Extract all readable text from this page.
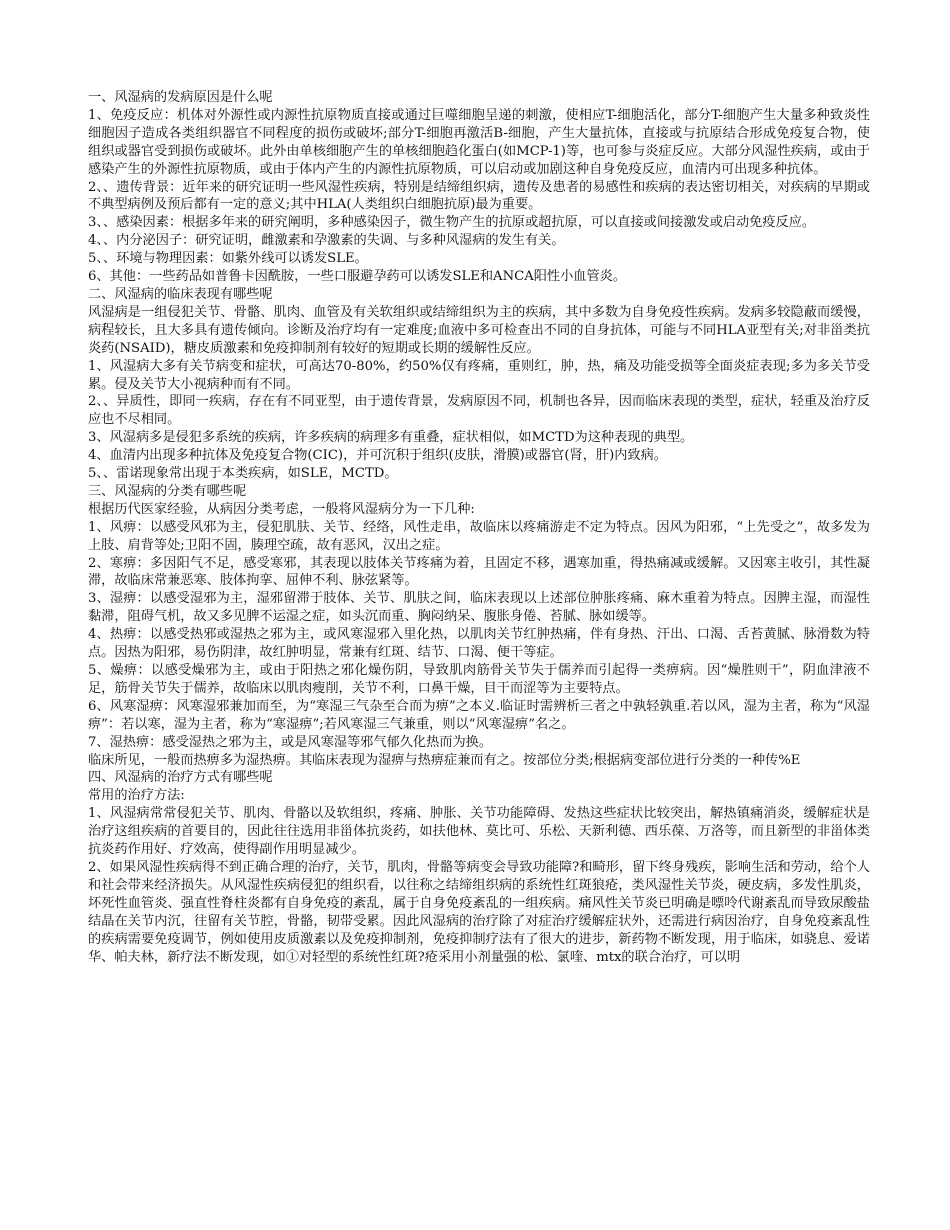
一、风湿病的发病原因是什么呢

1、免疫反应：机体对外源性或内源性抗原物质直接或通过巨噬细胞呈递的刺激，使相应T-细胞活化，部分T-细胞产生大量多种致炎性细胞因子造成各类组织器官不同程度的损伤或破坏;部分T-细胞再激活B-细胞，产生大量抗体，直接或与抗原结合形成免疫复合物，使组织或器官受到损伤或破坏。此外由单核细胞产生的单核细胞趋化蛋白(如MCP-1)等，也可参与炎症反应。大部分风湿性疾病，或由于感染产生的外源性抗原物质，或由于体内产生的内源性抗原物质，可以启动或加剧这种自身免疫反应，血清内可出现多种抗体。

2、、遗传背景：近年来的研究证明一些风湿性疾病，特别是结缔组织病，遗传及患者的易感性和疾病的表达密切相关，对疾病的早期或不典型病例及预后都有一定的意义;其中HLA(人类组织白细胞抗原)最为重要。

3、、感染因素：根据多年来的研究阐明，多种感染因子，微生物产生的抗原或超抗原，可以直接或间接激发或启动免疫反应。

4、、内分泌因子：研究证明，雌激素和孕激素的失调、与多种风湿病的发生有关。

5、、环境与物理因素：如紫外线可以诱发SLE。

6、其他：一些药品如普鲁卡因酰胺，一些口服避孕药可以诱发SLE和ANCA阳性小血管炎。

二、风湿病的临床表现有哪些呢

风湿病是一组侵犯关节、骨骼、肌肉、血管及有关软组织或结缔组织为主的疾病，其中多数为自身免疫性疾病。发病多较隐蔽而缓慢，病程较长，且大多具有遗传倾向。诊断及治疗均有一定难度;血液中多可检查出不同的自身抗体，可能与不同HLA亚型有关;对非甾类抗炎药(NSAID)，糖皮质激素和免疫抑制剂有较好的短期或长期的缓解性反应。

1、风湿病大多有关节病变和症状，可高达70-80%，约50%仅有疼痛，重则红，肿，热，痛及功能受损等全面炎症表现;多为多关节受累。侵及关节大小视病种而有不同。

2、、异质性，即同一疾病，存在有不同亚型，由于遗传背景，发病原因不同，机制也各异，因而临床表现的类型，症状，轻重及治疗反应也不尽相同。

3、风湿病多是侵犯多系统的疾病，许多疾病的病理多有重叠，症状相似，如MCTD为这种表现的典型。

4、血清内出现多种抗体及免疫复合物(CIC)，并可沉积于组织(皮肤，滑膜)或器官(肾，肝)内致病。

5、、雷诺现象常出现于本类疾病，如SLE，MCTD。

三、风湿病的分类有哪些呢

根据历代医家经验，从病因分类考虑，一般将风湿病分为一下几种:

1、风痹：以感受风邪为主，侵犯肌肤、关节、经络，风性走串，故临床以疼痛游走不定为特点。因风为阳邪，“上先受之”，故多发为上肢、肩背等处;卫阳不固，腠理空疏，故有恶风，汉出之症。

2、寒痹：多因阳气不足，感受寒邪，其表现以肢体关节疼痛为着，且固定不移，遇寒加重，得热痛减或缓解。又因寒主收引，其性凝滞，故临床常兼恶寒、肢体拘挛、屈伸不利、脉弦紧等。

3、湿痹：以感受湿邪为主，湿邪留滞于肢体、关节、肌肤之间，临床表现以上述部位肿胀疼痛、麻木重着为特点。因脾主湿，而湿性黏滞，阻碍气机，故又多见脾不运湿之症，如头沉而重、胸闷纳呆、腹胀身倦、苔腻、脉如缓等。

4、热痹：以感受热邪或湿热之邪为主，或风寒湿邪入里化热，以肌肉关节红肿热痛，伴有身热、汗出、口渴、舌苔黄腻、脉滑数为特点。因热为阳邪，易伤阴津，故红肿明显，常兼有红斑、结节、口渴、便干等症。

5、燥痹：以感受燥邪为主，或由于阳热之邪化燥伤阴，导致肌肉筋骨关节失于儒养而引起得一类痹病。因“燥胜则干”，阴血津液不足，筋骨关节失于儒养，故临床以肌肉瘦削，关节不利，口鼻干燥，目干而涩等为主要特点。

6、风寒湿痹：风寒湿邪兼加而至，为“寒湿三气杂至合而为痹”之本义.临证时需辨析三者之中孰轻孰重.若以风，湿为主者，称为“风湿痹”：若以寒，湿为主者，称为“寒湿痹”;若风寒湿三气兼重，则以“风寒湿痹”名之。

7、湿热痹：感受湿热之邪为主，或是风寒湿等邪气郁久化热而为换。

临床所见，一般而热痹多为湿热痹。其临床表现为湿痹与热痹症兼而有之。按部位分类;根据病变部位进行分类的一种传%E

四、风湿病的治疗方式有哪些呢

常用的治疗方法:

1、风湿病常常侵犯关节、肌肉、骨骼以及软组织，疼痛、肿胀、关节功能障碍、发热这些症状比较突出，解热镇痛消炎，缓解症状是治疗这组疾病的首要目的，因此往往选用非甾体抗炎药，如扶他林、莫比可、乐松、天新利德、西乐葆、万洛等，而且新型的非甾体类抗炎药作用好、疗效高，使得副作用明显减少。

2、如果风湿性疾病得不到正确合理的治疗，关节，肌肉，骨骼等病变会导致功能障?和畸形，留下终身残疾，影响生活和劳动，给个人和社会带来经济损失。从风湿性疾病侵犯的组织看，以往称之结缔组织病的系统性红斑狼疮，类风湿性关节炎，硬皮病，多发性肌炎，坏死性血管炎、强直性脊柱炎都有自身免疫的紊乱，属于自身免疫紊乱的一组疾病。痛风性关节炎已明确是嘌呤代谢紊乱而导致尿酸盐结晶在关节内沉，往留有关节腔，骨骼，韧带受累。因此风湿病的治疗除了对症治疗缓解症状外，还需进行病因治疗，自身免疫紊乱性的疾病需要免疫调节，例如使用皮质激素以及免疫抑制剂，免疫抑制疗法有了很大的进步，新药物不断发现，用于临床，如骁息、爱诺华、帕夫林，新疗法不断发现，如①对轻型的系统性红斑?疮采用小剂量强的松、氯喹、mtx的联合治疗，可以明
